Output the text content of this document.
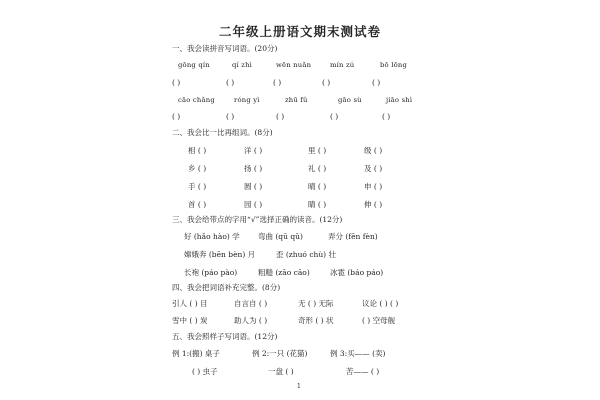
二年级上册语文期末测试卷
一、我会读拼音写词语。(20分)
gōng qín	qí zhì	wēn nuǎn	mín zú	bō lōng
( )	( )	( )	( )	( )
cāo chǎng	róng yì	zhū fǔ	gāo sù	jiāo shì
( )	( )	( )	( )	( )
二、我会比一比再组词。(8分)
相 ( )	洋 ( )	里 ( )	级 ( )
乡 ( )	扬 ( )	礼 ( )	及 ( )
手 ( )	圆 ( )	晴 ( )	申 ( )
首 ( )	园 ( )	睛 ( )	伸 ( )
三、我会给带点的字用“√”选择正确的读音。(12分)
好 (hǎo hào) 学 弯曲 (qū qǔ)	弄分 (fēn fèn)
嫦娥奔 (bēn bèn) 月	歪 (zhuó chù) 壮
长袍 (páo pào)	粗糙 (zāo cāo)	冰雹 (báo páo)
四、我会把词语补充完整。(8分)
引人 ( ) 目	自言自 ( )	无 ( ) 无际	议论 ( ) ( )
雪中 ( ) 炭	助人为 ( )	奇形 ( ) 状	( ) 空母舰
五、我会照样子写词语。(12分)
例 1:(搬) 桌子	例 2:一只 (花猫)	例 3:买—— (卖)
( ) 虫子	一盘 ( )	苦—— ( )
1
